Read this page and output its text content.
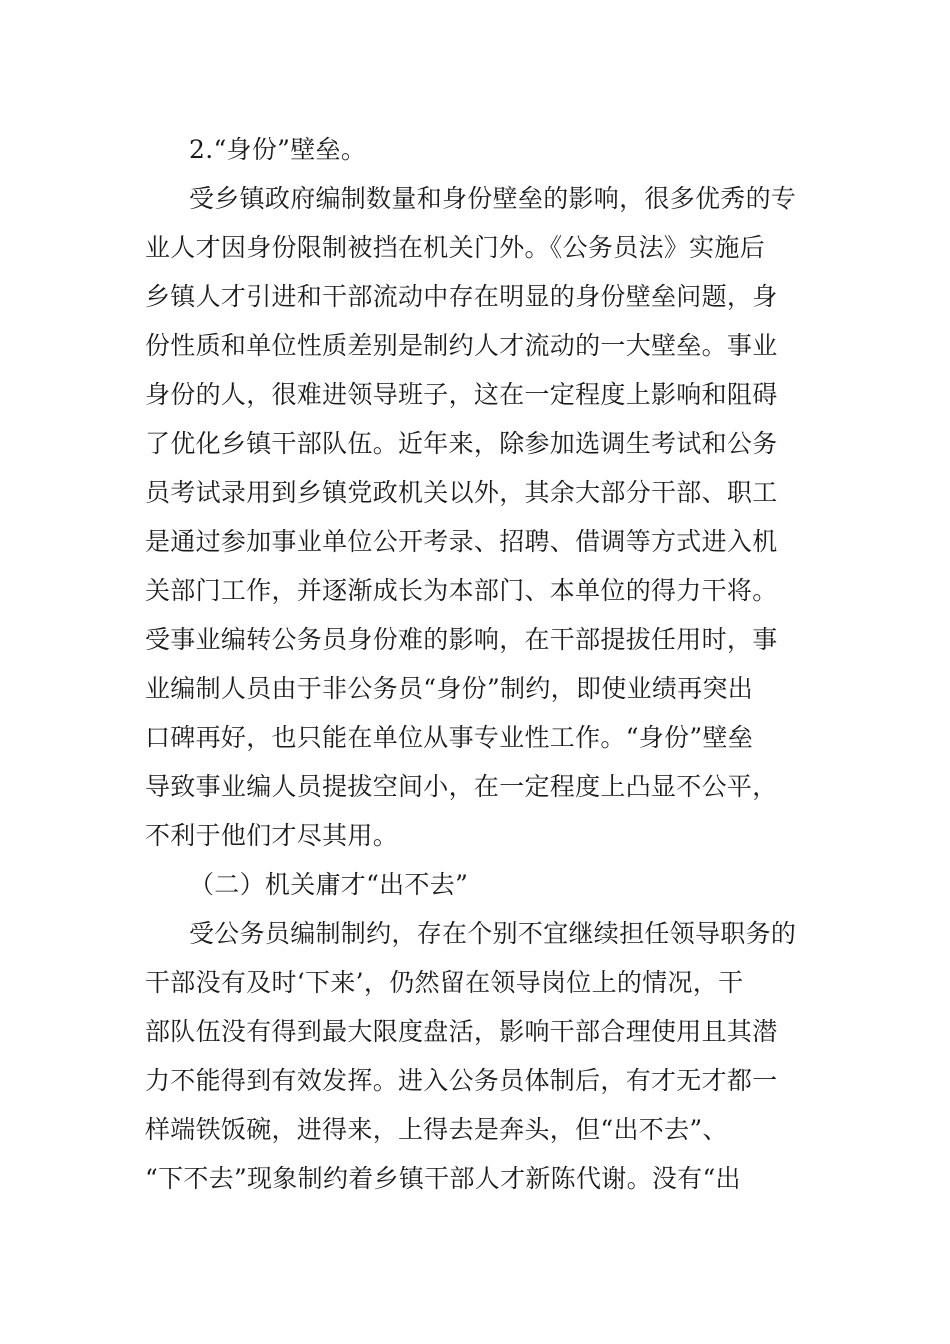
2.“身份”壁垒。
受乡镇政府编制数量和身份壁垒的影响，很多优秀的专
业人才因身份限制被挡在机关门外。《公务员法》实施后
乡镇人才引进和干部流动中存在明显的身份壁垒问题，身
份性质和单位性质差别是制约人才流动的一大壁垒。事业
身份的人，很难进领导班子，这在一定程度上影响和阻碍
了优化乡镇干部队伍。近年来，除参加选调生考试和公务
员考试录用到乡镇党政机关以外，其余大部分干部、职工
是通过参加事业单位公开考录、招聘、借调等方式进入机
关部门工作，并逐渐成长为本部门、本单位的得力干将。
受事业编转公务员身份难的影响，在干部提拔任用时，事
业编制人员由于非公务员“身份”制约，即使业绩再突出
口碑再好，也只能在单位从事专业性工作。“身份”壁垒
导致事业编人员提拔空间小，在一定程度上凸显不公平，
不利于他们才尽其用。
（二）机关庸才“出不去”
受公务员编制制约，存在个别不宜继续担任领导职务的
干部没有及时‘下来’，仍然留在领导岗位上的情况，干
部队伍没有得到最大限度盘活，影响干部合理使用且其潜
力不能得到有效发挥。进入公务员体制后，有才无才都一
样端铁饭碗，进得来，上得去是奔头，但“出不去”、
“下不去”现象制约着乡镇干部人才新陈代谢。没有“出
